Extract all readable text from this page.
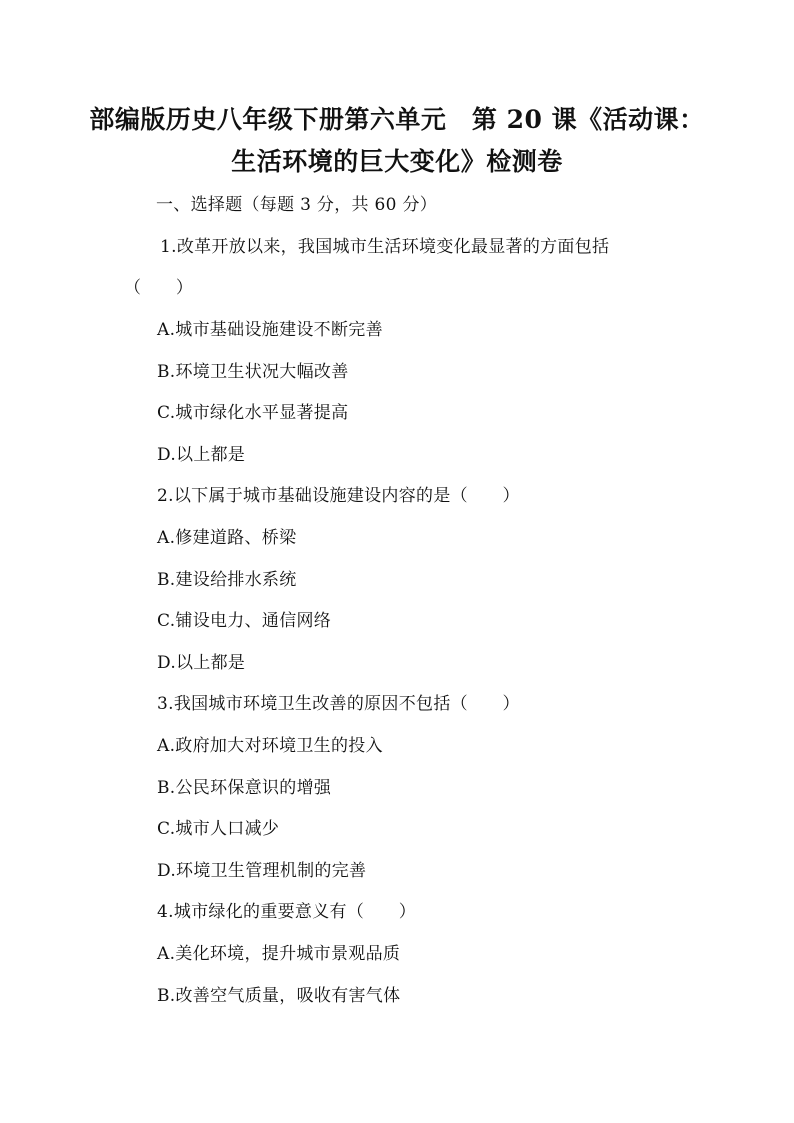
部编版历史八年级下册第六单元　第 20 课《活动课：
生活环境的巨大变化》检测卷
一、选择题（每题 3 分，共 60 分）
1.改革开放以来，我国城市生活环境变化最显著的方面包括
（　　）
A.城市基础设施建设不断完善
B.环境卫生状况大幅改善
C.城市绿化水平显著提高
D.以上都是
2.以下属于城市基础设施建设内容的是（　　）
A.修建道路、桥梁
B.建设给排水系统
C.铺设电力、通信网络
D.以上都是
3.我国城市环境卫生改善的原因不包括（　　）
A.政府加大对环境卫生的投入
B.公民环保意识的增强
C.城市人口减少
D.环境卫生管理机制的完善
4.城市绿化的重要意义有（　　）
A.美化环境，提升城市景观品质
B.改善空气质量，吸收有害气体
